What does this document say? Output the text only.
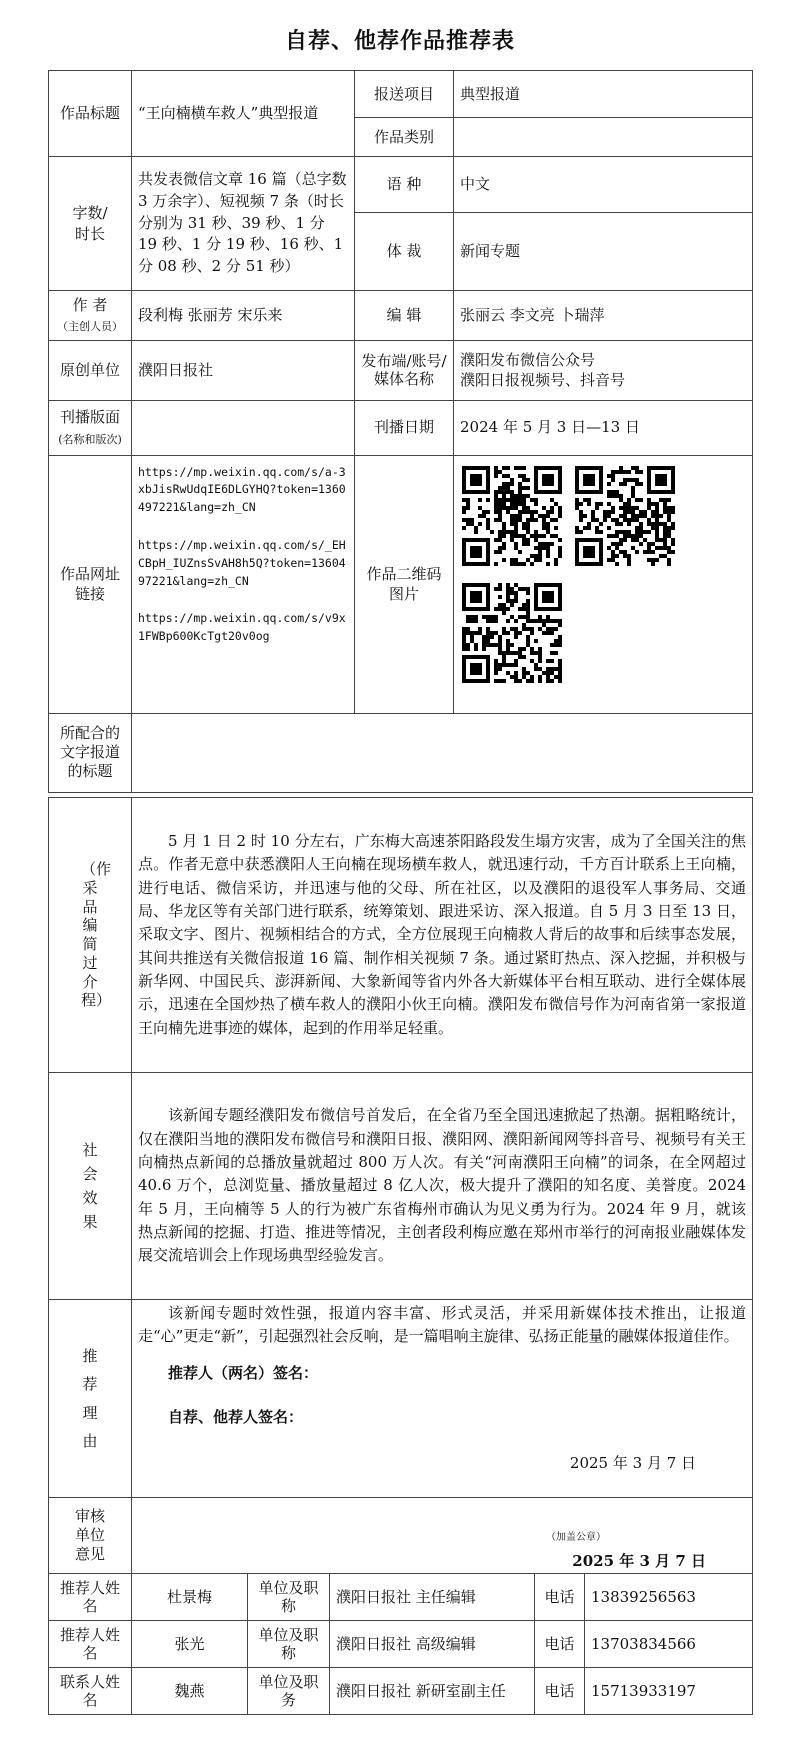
自荐、他荐作品推荐表
作品标题	“王向楠横车救人”典型报道	报送项目	典型报道
		作品类别	
字数/
时长	共发表微信文章 16 篇（总字数 3 万余字）、短视频 7 条（时长分别为 31 秒、39 秒、1 分 19 秒、1 分 19 秒、16 秒、1 分 08 秒、2 分 51 秒）	语 种	中文
		体 裁	新闻专题
作 者
（主创人员）	段利梅 张丽芳 宋乐来	编 辑	张丽云 李文亮 卜瑞萍
原创单位	濮阳日报社	发布端/账号/媒体名称	濮阳发布微信公众号
濮阳日报视频号、抖音号
刊播版面
(名称和版次)		刊播日期	2024 年 5 月 3 日—13 日
作品网址链接	https://mp.weixin.qq.com/s/a-3xbJisRwUdqIE6DLGYHQ?token=1360497221&lang=zh_CN
https://mp.weixin.qq.com/s/_EHCBpH_IUZnsSvAH8h5Q?token=1360497221&lang=zh_CN
https://mp.weixin.qq.com/s/v9x1FWBp600KcTgt20v0og	作品二维码图片	

所配合的文字报道的标题			
（作采品编简过介程）	5 月 1 日 2 时 10 分左右，广东梅大高速茶阳路段发生塌方灾害，成为了全国关注的焦点。作者无意中获悉濮阳人王向楠在现场横车救人，就迅速行动，千方百计联系上王向楠，进行电话、微信采访，并迅速与他的父母、所在社区，以及濮阳的退役军人事务局、交通局、华龙区等有关部门进行联系，统筹策划、跟进采访、深入报道。自 5 月 3 日至 13 日，采取文字、图片、视频相结合的方式，全方位展现王向楠救人背后的故事和后续事态发展，其间共推送有关微信报道 16 篇、制作相关视频 7 条。通过紧盯热点、深入挖掘，并积极与新华网、中国民兵、澎湃新闻、大象新闻等省内外各大新媒体平台相互联动、进行全媒体展示，迅速在全国炒热了横车救人的濮阳小伙王向楠。濮阳发布微信号作为河南省第一家报道王向楠先进事迹的媒体，起到的作用举足轻重。				

社会效果	该新闻专题经濮阳发布微信号首发后，在全省乃至全国迅速掀起了热潮。据粗略统计，仅在濮阳当地的濮阳发布微信号和濮阳日报、濮阳网、濮阳新闻网等抖音号、视频号有关王向楠热点新闻的总播放量就超过 800 万人次。有关“河南濮阳王向楠”的词条，在全网超过 40.6 万个，总浏览量、播放量超过 8 亿人次，极大提升了濮阳的知名度、美誉度。2024 年 5 月，王向楠等 5 人的行为被广东省梅州市确认为见义勇为行为。2024 年 9 月，就该热点新闻的挖掘、打造、推进等情况，主创者段利梅应邀在郑州市举行的河南报业融媒体发展交流培训会上作现场典型经验发言。				

推荐理由	该新闻专题时效性强，报道内容丰富、形式灵活，并采用新媒体技术推出，让报道走“心”更走“新”，引起强烈社会反响，是一篇唱响主旋律、弘扬正能量的融媒体报道佳作。
推荐人（两名）签名：
自荐、他荐人签名：
2025 年 3 月 7 日				

审核单位意见	（加盖公章）
2025 年 3 月 7 日				

推荐人姓名	杜景梅	单位及职称	濮阳日报社 主任编辑	电话	13839256563
推荐人姓名	张光	单位及职称	濮阳日报社 高级编辑	电话	13703834566
联系人姓名	魏燕	单位及职务	濮阳日报社 新研室副主任	电话	15713933197
